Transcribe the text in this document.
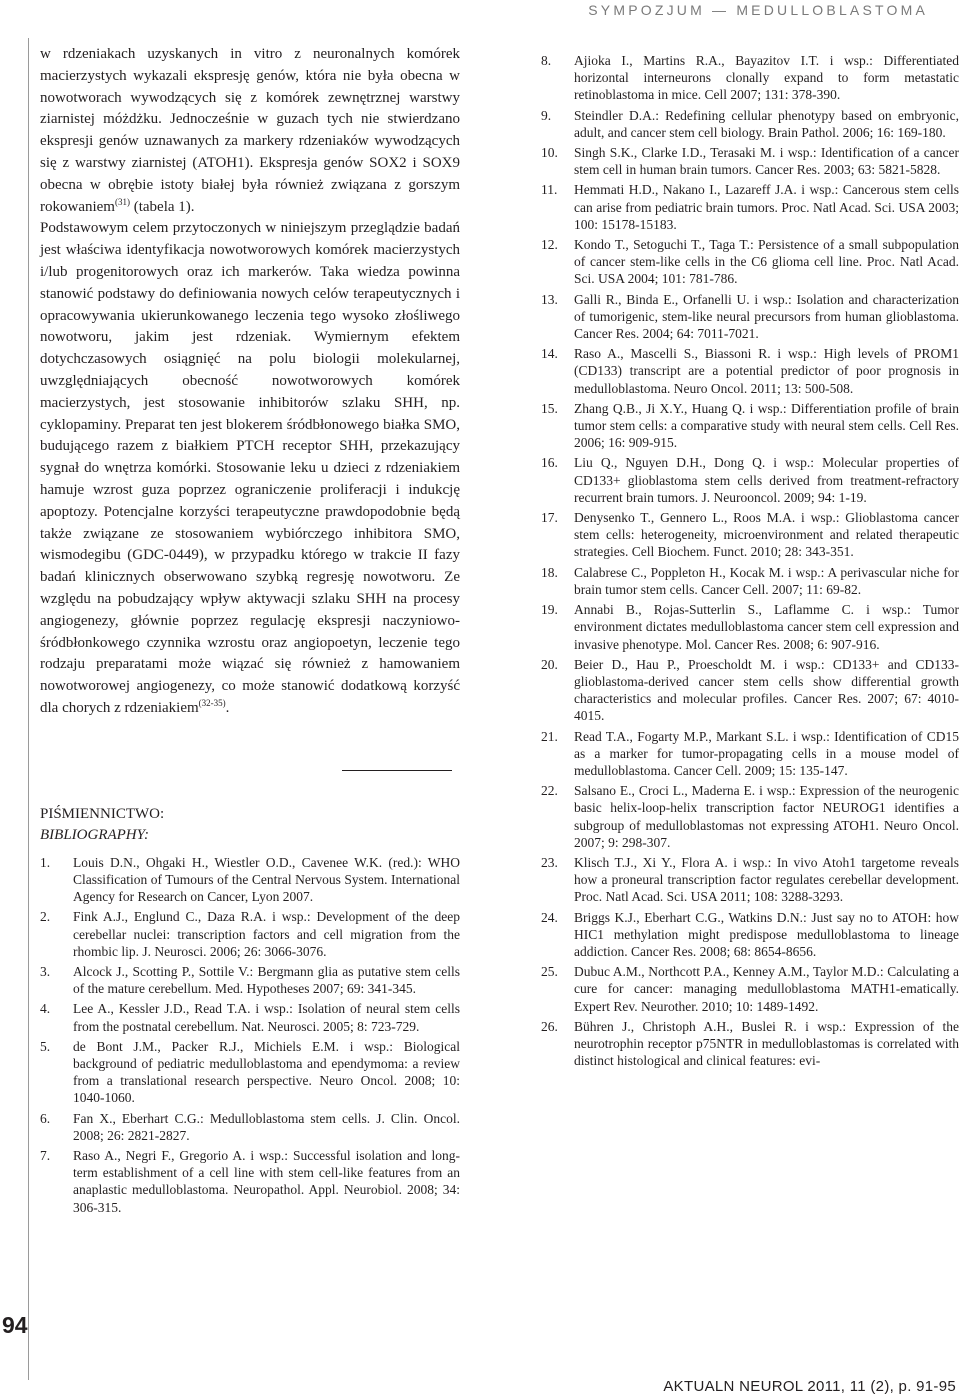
SYMPOZJUM — MEDULLOBLASTOMA
94

w rdzeniakach uzyskanych in vitro z neuronalnych komórek macierzystych wykazali ekspresję genów, która nie była obecna w nowotworach wywodzących się z komórek zewnętrznej warstwy ziarnistej móżdżku. Jednocześnie w guzach tych nie stwierdzano ekspresji genów uznawanych za markery rdzeniaków wywodzących się z warstwy ziarnistej (ATOH1). Ekspresja genów SOX2 i SOX9 obecna w obrębie istoty białej była również związana z gorszym rokowaniem$^{(31)}$ (tabela 1).

Podstawowym celem przytoczonych w niniejszym przeglądzie badań jest właściwa identyfikacja nowotworowych komórek macierzystych i/lub progenitorowych oraz ich markerów. Taka wiedza powinna stanowić podstawy do definiowania nowych celów terapeutycznych i opracowywania ukierunkowanego leczenia tego wysoko złośliwego nowotworu, jakim jest rdzeniak. Wymiernym efektem dotychczasowych osiągnięć na polu biologii molekularnej, uwzględniających obecność nowotworowych komórek macierzystych, jest stosowanie inhibitorów szlaku SHH, np. cyklopaminy. Preparat ten jest blokerem śródbłonowego białka SMO, budującego razem z białkiem PTCH receptor SHH, przekazujący sygnał do wnętrza komórki. Stosowanie leku u dzieci z rdzeniakiem hamuje wzrost guza poprzez ograniczenie proliferacji i indukcję apoptozy. Potencjalne korzyści terapeutyczne prawdopodobnie będą także związane ze stosowaniem wybiórczego inhibitora SMO, wismodegibu (GDC-0449), w przypadku którego w trakcie II fazy badań klinicznych obserwowano szybką regresję nowotworu. Ze względu na pobudzający wpływ aktywacji szlaku SHH na procesy angiogenezy, głównie poprzez regulację ekspresji naczyniowo-śródbłonkowego czynnika wzrostu oraz angiopoetyn, leczenie tego rodzaju preparatami może wiązać się również z hamowaniem nowotworowej angiogenezy, co może stanowić dodatkową korzyść dla chorych z rdzeniakiem$^{(32-35)}$.

PIŚMIENNICTWO:
BIBLIOGRAPHY:
1.	Louis D.N., Ohgaki H., Wiestler O.D., Cavenee W.K. (red.): WHO Classification of Tumours of the Central Nervous System. International Agency for Research on Cancer, Lyon 2007.
2.	Fink A.J., Englund C., Daza R.A. i wsp.: Development of the deep cerebellar nuclei: transcription factors and cell migration from the rhombic lip. J. Neurosci. 2006; 26: 3066-3076.
3.	Alcock J., Scotting P., Sottile V.: Bergmann glia as putative stem cells of the mature cerebellum. Med. Hypotheses 2007; 69: 341-345.
4.	Lee A., Kessler J.D., Read T.A. i wsp.: Isolation of neural stem cells from the postnatal cerebellum. Nat. Neurosci. 2005; 8: 723-729.
5.	de Bont J.M., Packer R.J., Michiels E.M. i wsp.: Biological background of pediatric medulloblastoma and ependymoma: a review from a translational research perspective. Neuro Oncol. 2008; 10: 1040-1060.
6.	Fan X., Eberhart C.G.: Medulloblastoma stem cells. J. Clin. Oncol. 2008; 26: 2821-2827.
7.	Raso A., Negri F., Gregorio A. i wsp.: Successful isolation and long-term establishment of a cell line with stem cell-like features from an anaplastic medulloblastoma. Neuropathol. Appl. Neurobiol. 2008; 34: 306-315.
8.	Ajioka I., Martins R.A., Bayazitov I.T. i wsp.: Differentiated horizontal interneurons clonally expand to form metastatic retinoblastoma in mice. Cell 2007; 131: 378-390.
9.	Steindler D.A.: Redefining cellular phenotypy based on embryonic, adult, and cancer stem cell biology. Brain Pathol. 2006; 16: 169-180.
10.	Singh S.K., Clarke I.D., Terasaki M. i wsp.: Identification of a cancer stem cell in human brain tumors. Cancer Res. 2003; 63: 5821-5828.
11.	Hemmati H.D., Nakano I., Lazareff J.A. i wsp.: Cancerous stem cells can arise from pediatric brain tumors. Proc. Natl Acad. Sci. USA 2003; 100: 15178-15183.
12.	Kondo T., Setoguchi T., Taga T.: Persistence of a small subpopulation of cancer stem-like cells in the C6 glioma cell line. Proc. Natl Acad. Sci. USA 2004; 101: 781-786.
13.	Galli R., Binda E., Orfanelli U. i wsp.: Isolation and characterization of tumorigenic, stem-like neural precursors from human glioblastoma. Cancer Res. 2004; 64: 7011-7021.
14.	Raso A., Mascelli S., Biassoni R. i wsp.: High levels of PROM1 (CD133) transcript are a potential predictor of poor prognosis in medulloblastoma. Neuro Oncol. 2011; 13: 500-508.
15.	Zhang Q.B., Ji X.Y., Huang Q. i wsp.: Differentiation profile of brain tumor stem cells: a comparative study with neural stem cells. Cell Res. 2006; 16: 909-915.
16.	Liu Q., Nguyen D.H., Dong Q. i wsp.: Molecular properties of CD133+ glioblastoma stem cells derived from treatment-refractory recurrent brain tumors. J. Neurooncol. 2009; 94: 1-19.
17.	Denysenko T., Gennero L., Roos M.A. i wsp.: Glioblastoma cancer stem cells: heterogeneity, microenvironment and related therapeutic strategies. Cell Biochem. Funct. 2010; 28: 343-351.
18.	Calabrese C., Poppleton H., Kocak M. i wsp.: A perivascular niche for brain tumor stem cells. Cancer Cell. 2007; 11: 69-82.
19.	Annabi B., Rojas-Sutterlin S., Laflamme C. i wsp.: Tumor environment dictates medulloblastoma cancer stem cell expression and invasive phenotype. Mol. Cancer Res. 2008; 6: 907-916.
20.	Beier D., Hau P., Proescholdt M. i wsp.: CD133+ and CD133- glioblastoma-derived cancer stem cells show differential growth characteristics and molecular profiles. Cancer Res. 2007; 67: 4010-4015.
21.	Read T.A., Fogarty M.P., Markant S.L. i wsp.: Identification of CD15 as a marker for tumor-propagating cells in a mouse model of medulloblastoma. Cancer Cell. 2009; 15: 135-147.
22.	Salsano E., Croci L., Maderna E. i wsp.: Expression of the neurogenic basic helix-loop-helix transcription factor NEUROG1 identifies a subgroup of medulloblastomas not expressing ATOH1. Neuro Oncol. 2007; 9: 298-307.
23.	Klisch T.J., Xi Y., Flora A. i wsp.: In vivo Atoh1 targetome reveals how a proneural transcription factor regulates cerebellar development. Proc. Natl Acad. Sci. USA 2011; 108: 3288-3293.
24.	Briggs K.J., Eberhart C.G., Watkins D.N.: Just say no to ATOH: how HIC1 methylation might predispose medulloblastoma to lineage addiction. Cancer Res. 2008; 68: 8654-8656.
25.	Dubuc A.M., Northcott P.A., Kenney A.M., Taylor M.D.: Calculating a cure for cancer: managing medulloblastoma MATH1-ematically. Expert Rev. Neurother. 2010; 10: 1489-1492.
26.	Bühren J., Christoph A.H., Buslei R. i wsp.: Expression of the neurotrophin receptor p75NTR in medulloblastomas is correlated with distinct histological and clinical features: evi-
AKTUALN NEUROL 2011, 11 (2), p. 91-95
